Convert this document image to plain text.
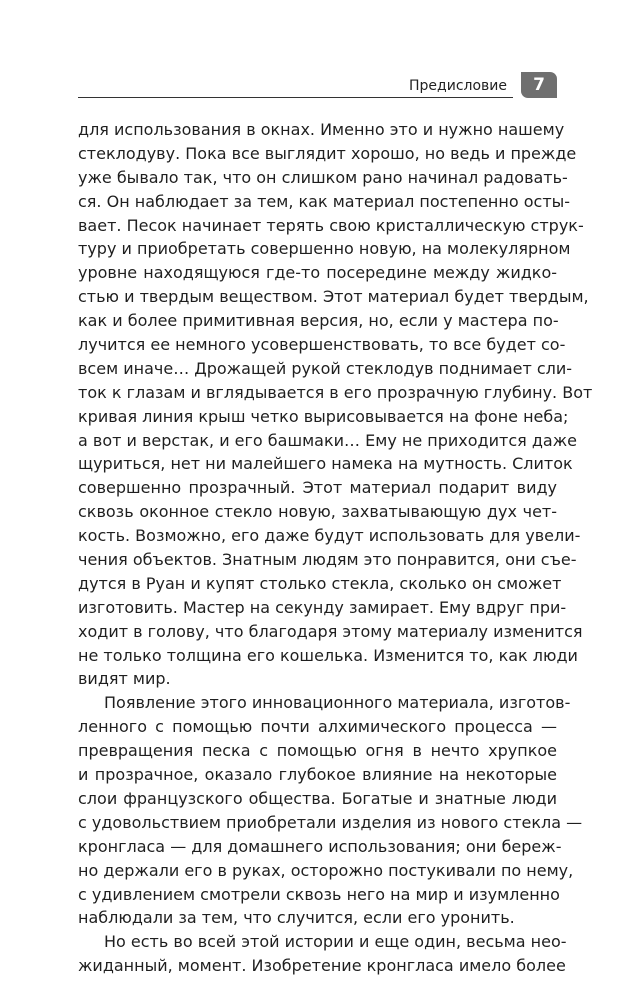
Предисловие	7
для использования в окнах. Именно это и нужно нашему
стеклодуву. Пока все выглядит хорошо, но ведь и прежде
уже бывало так, что он слишком рано начинал радовать-
ся. Он наблюдает за тем, как материал постепенно осты-
вает. Песок начинает терять свою кристаллическую струк-
туру и приобретать совершенно новую, на молекулярном
уровне находящуюся где-то посередине между жидко-
стью и твердым веществом. Этот материал будет твердым,
как и более примитивная версия, но, если у мастера по-
лучится ее немного усовершенствовать, то все будет со-
всем иначе… Дрожащей рукой стеклодув поднимает сли-
ток к глазам и вглядывается в его прозрачную глубину. Вот
кривая линия крыш четко вырисовывается на фоне неба;
а вот и верстак, и его башмаки… Ему не приходится даже
щуриться, нет ни малейшего намека на мутность. Слиток
совершенно прозрачный. Этот материал подарит виду
сквозь оконное стекло новую, захватывающую дух чет-
кость. Возможно, его даже будут использовать для увели-
чения объектов. Знатным людям это понравится, они съе-
дутся в Руан и купят столько стекла, сколько он сможет
изготовить. Мастер на секунду замирает. Ему вдруг при-
ходит в голову, что благодаря этому материалу изменится
не только толщина его кошелька. Изменится то, как люди
видят мир.
Появление этого инновационного материала, изготов-
ленного с помощью почти алхимического процесса —
превращения песка с помощью огня в нечто хрупкое
и прозрачное, оказало глубокое влияние на некоторые
слои французского общества. Богатые и знатные люди
с удовольствием приобретали изделия из нового стекла —
кронгласа — для домашнего использования; они береж-
но держали его в руках, осторожно постукивали по нему,
с удивлением смотрели сквозь него на мир и изумленно
наблюдали за тем, что случится, если его уронить.
Но есть во всей этой истории и еще один, весьма нео-
жиданный, момент. Изобретение кронгласа имело более
